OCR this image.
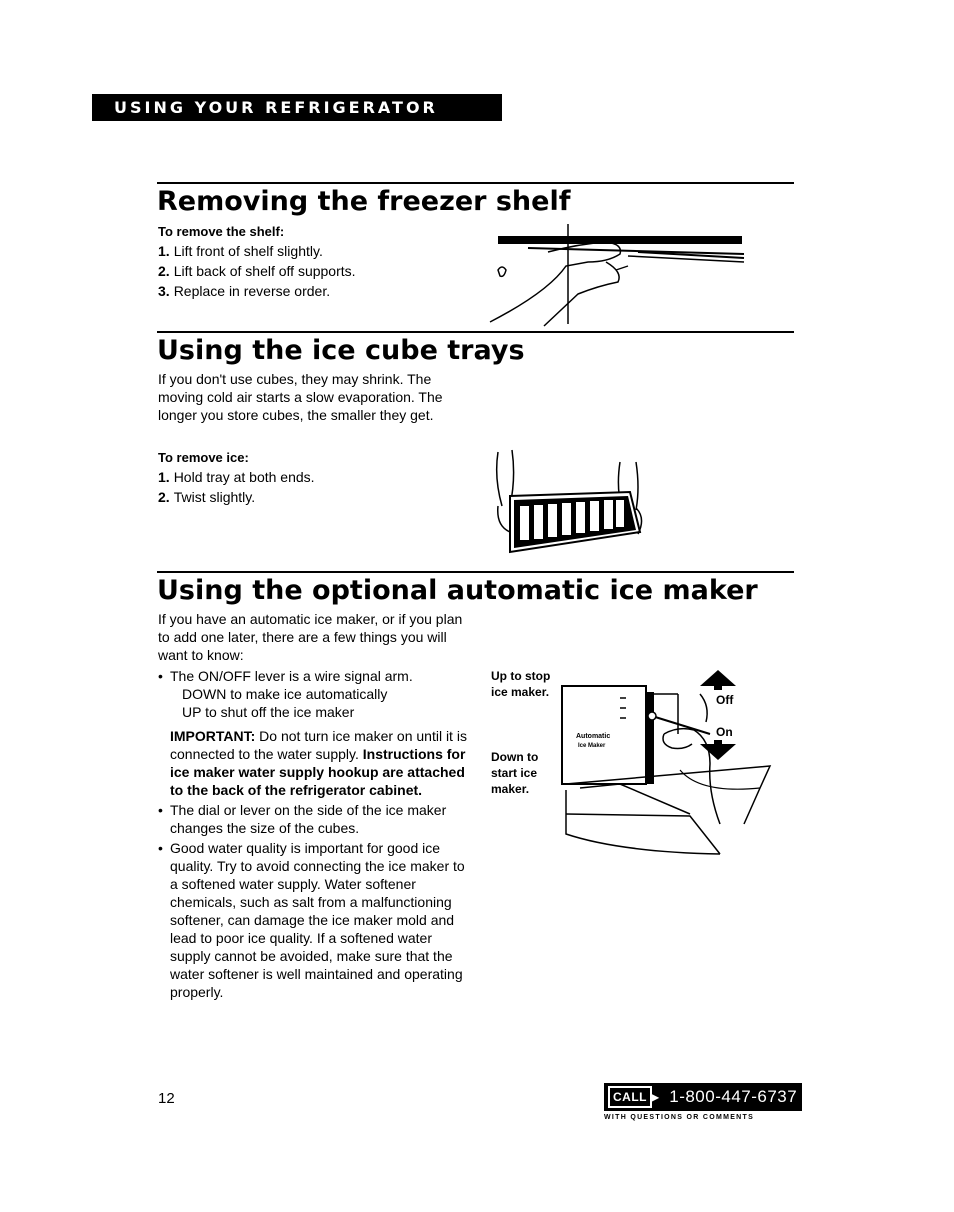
USING YOUR REFRIGERATOR
Removing the freezer shelf
To remove the shelf:
1. Lift front of shelf slightly.
2. Lift back of shelf off supports.
3. Replace in reverse order.
Using the ice cube trays
If you don't use cubes, they may shrink. The moving cold air starts a slow evaporation. The longer you store cubes, the smaller they get.
To remove ice:
1. Hold tray at both ends.
2. Twist slightly.
Using the optional automatic ice maker
If you have an automatic ice maker, or if you plan to add one later, there are a few things you will want to know:
• The ON/OFF lever is a wire signal arm.
DOWN to make ice automatically
UP to shut off the ice maker
IMPORTANT: Do not turn ice maker on until it is connected to the water supply. Instructions for ice maker water supply hookup are attached to the back of the refrigerator cabinet.
• The dial or lever on the side of the ice maker changes the size of the cubes.
• Good water quality is important for good ice quality. Try to avoid connecting the ice maker to a softened water supply. Water softener chemicals, such as salt from a malfunctioning softener, can damage the ice maker mold and lead to poor ice quality. If a softened water supply cannot be avoided, make sure that the water softener is well maintained and operating properly.
Up to stop ice maker.
Down to start ice maker.
Off
On
Automatic
Ice Maker
12	CALL ▶ 1-800-447-6737
WITH QUESTIONS OR COMMENTS
